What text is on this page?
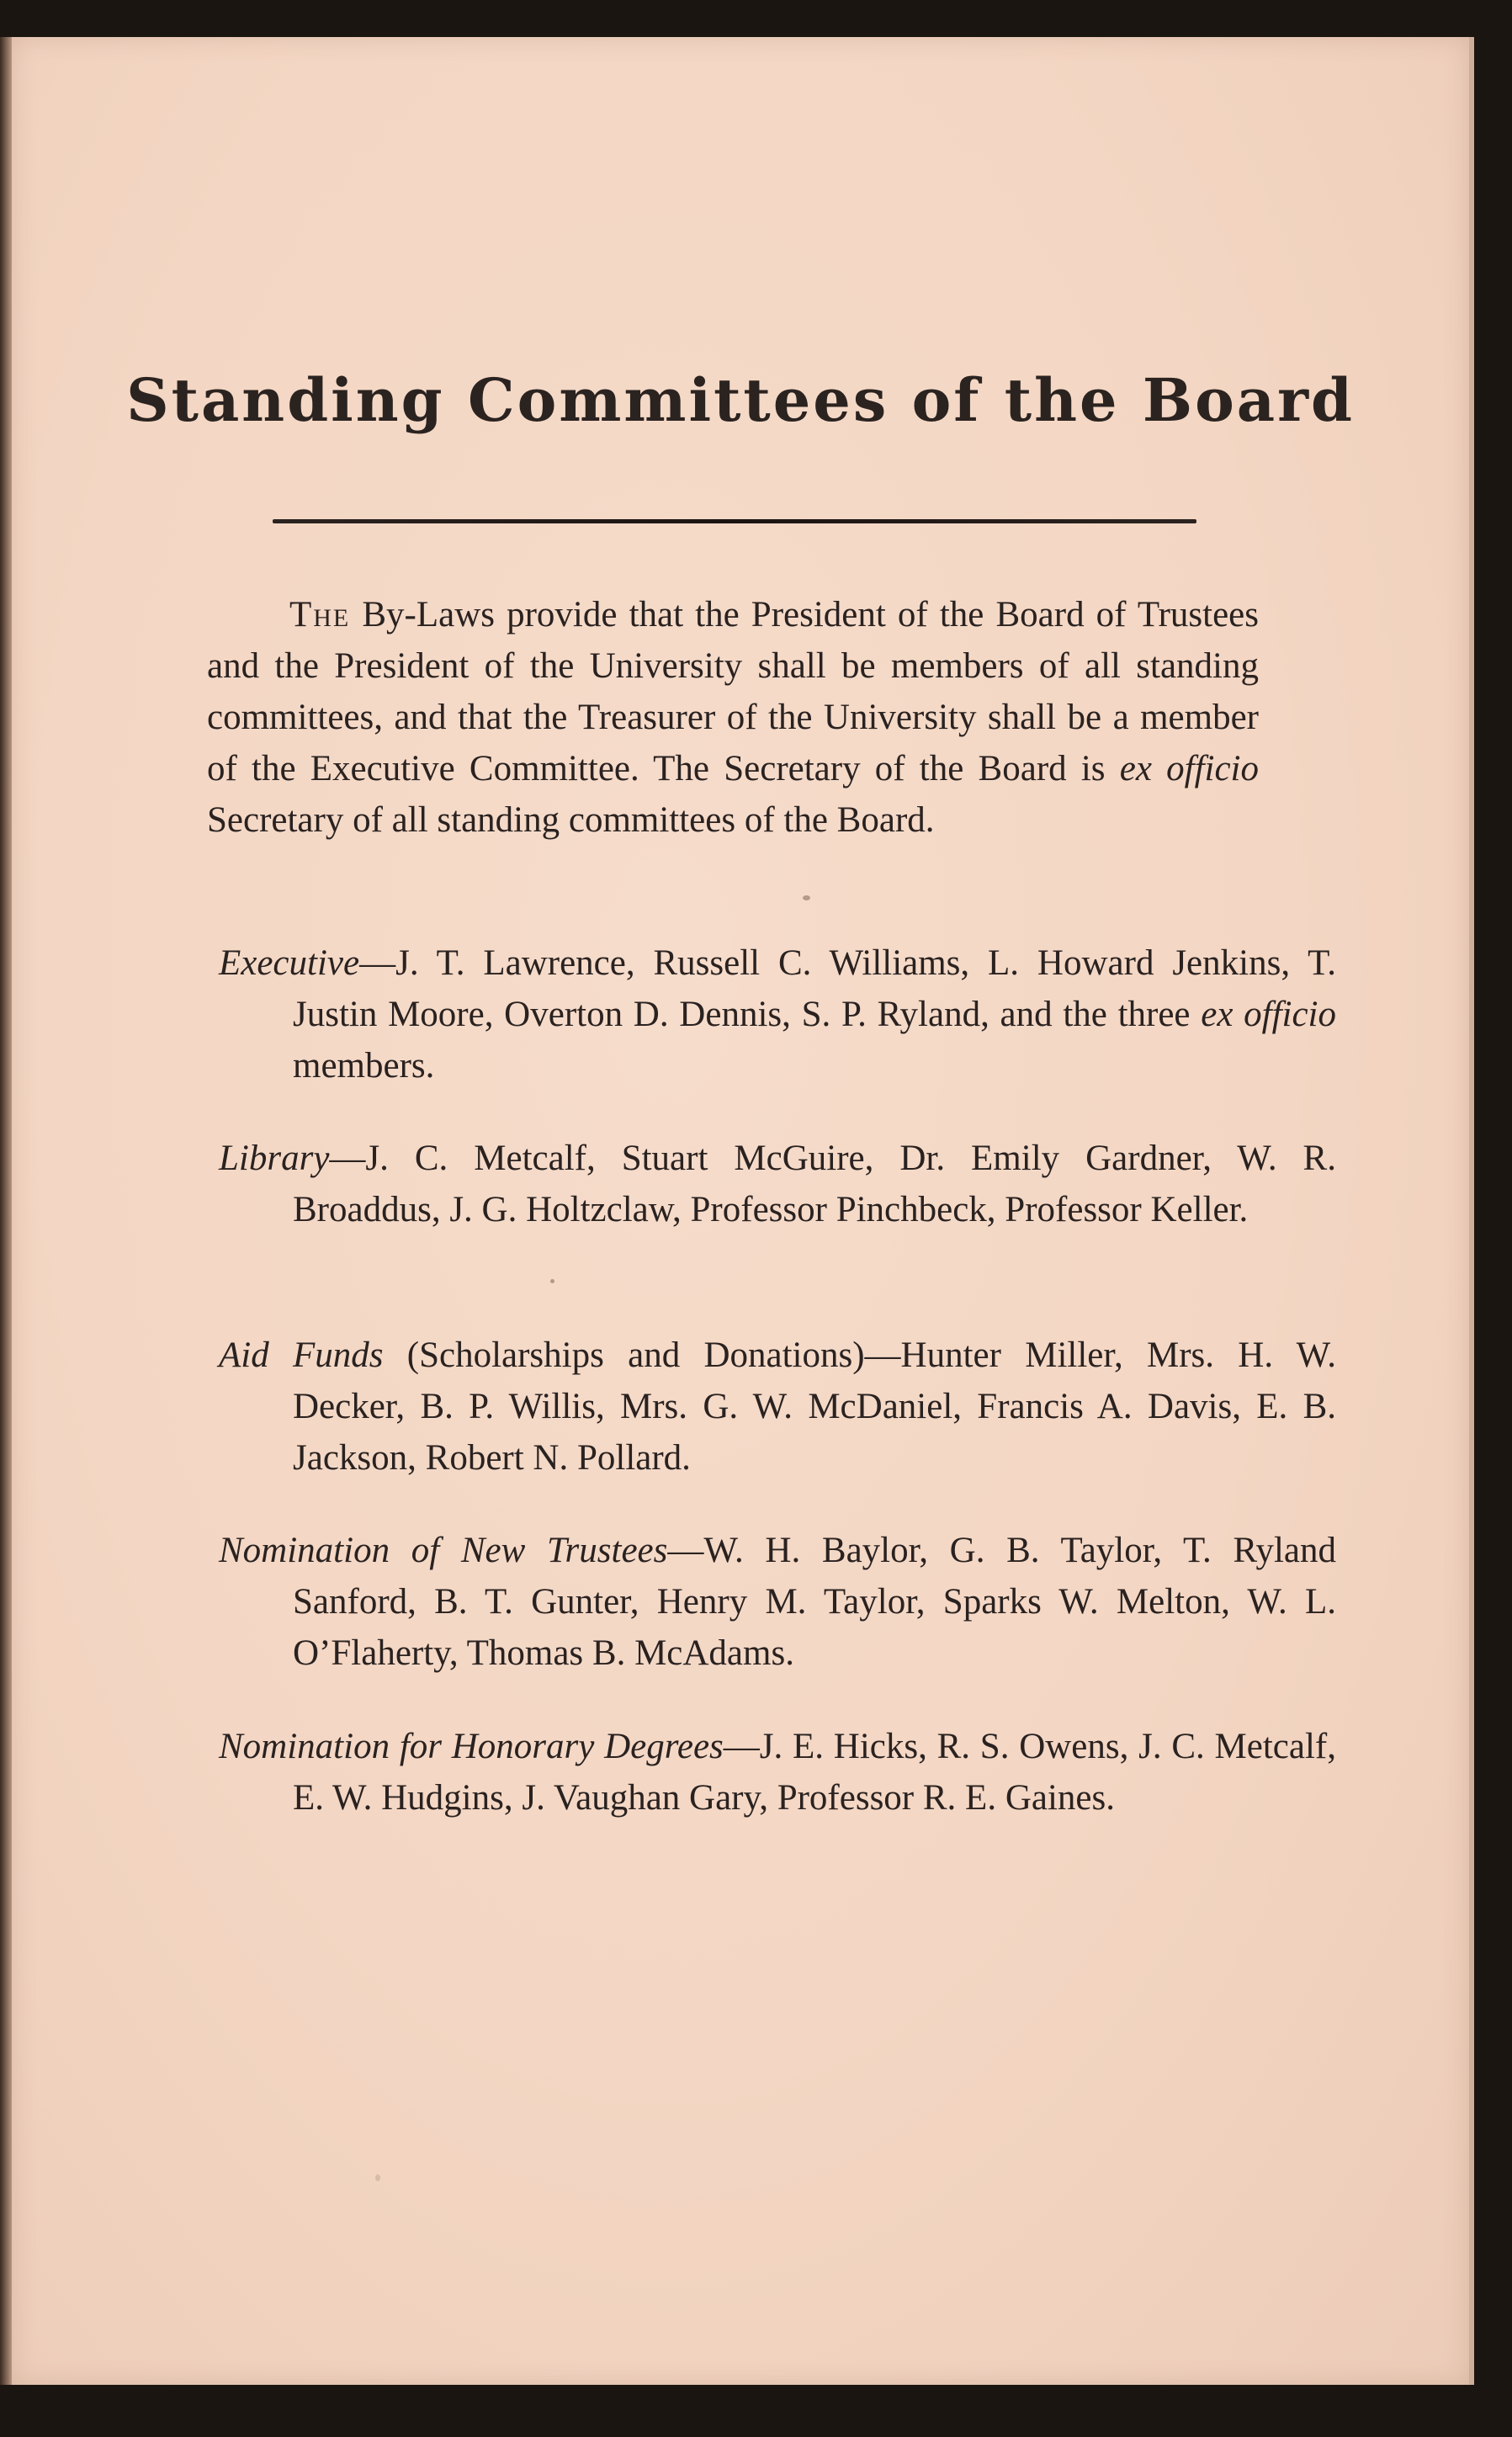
Standing Committees of the Board

The By-Laws provide that the President of the Board of Trustees and the President of the University shall be members of all standing committees, and that the Treasurer of the University shall be a member of the Executive Committee. The Secretary of the Board is ex officio Secretary of all standing committees of the Board.

Executive—J. T. Lawrence, Russell C. Williams, L. Howard Jenkins, T. Justin Moore, Overton D. Dennis, S. P. Ryland, and the three ex officio members.

Library—J. C. Metcalf, Stuart McGuire, Dr. Emily Gardner, W. R. Broaddus, J. G. Holtzclaw, Professor Pinchbeck, Professor Keller.

Aid Funds (Scholarships and Donations)—Hunter Miller, Mrs. H. W. Decker, B. P. Willis, Mrs. G. W. McDaniel, Francis A. Davis, E. B. Jackson, Robert N. Pollard.

Nomination of New Trustees—W. H. Baylor, G. B. Taylor, T. Ryland Sanford, B. T. Gunter, Henry M. Taylor, Sparks W. Melton, W. L. O’Flaherty, Thomas B. McAdams.

Nomination for Honorary Degrees—J. E. Hicks, R. S. Owens, J. C. Metcalf, E. W. Hudgins, J. Vaughan Gary, Professor R. E. Gaines.
